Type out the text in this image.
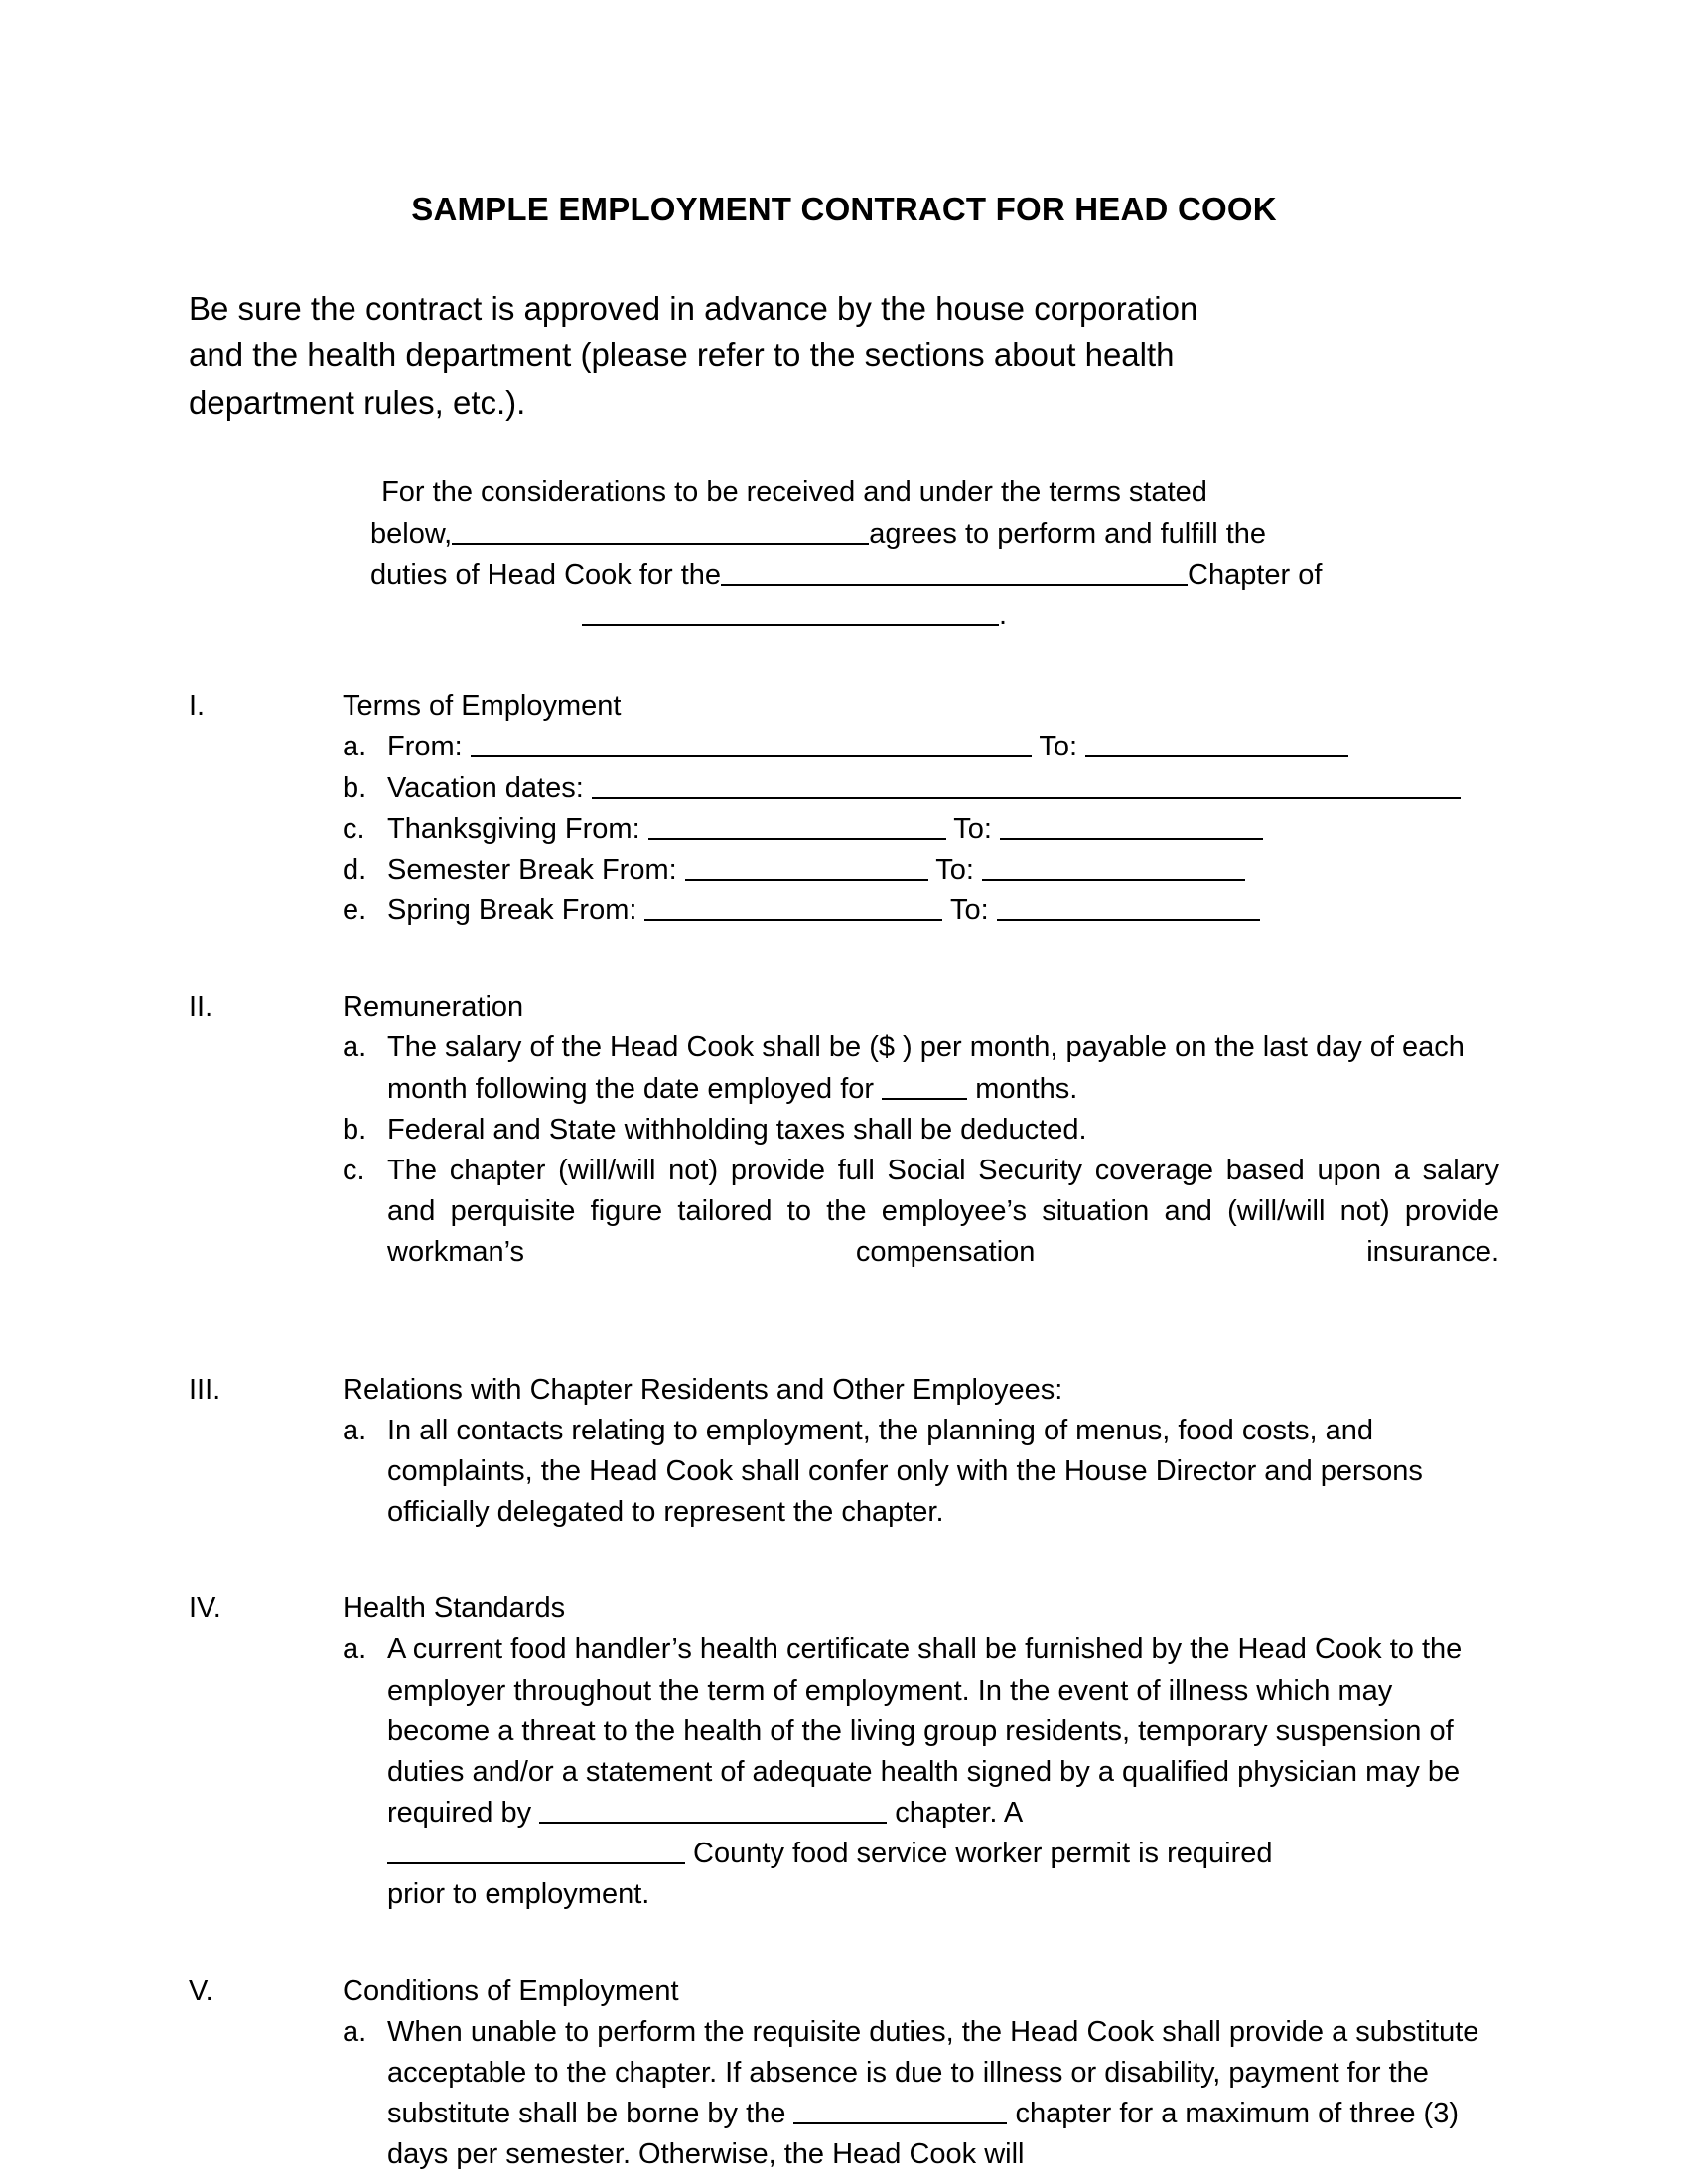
SAMPLE EMPLOYMENT CONTRACT FOR HEAD COOK

Be sure the contract is approved in advance by the house corporation
and the health department (please refer to the sections about health
department rules, etc.).

For the considerations to be received and under the terms stated
below,	agrees to perform and fulfill the
duties of Head Cook for the	Chapter of
.

I.	Terms of Employment
a. From:	To:
b. Vacation dates:
c. Thanksgiving From:	To:
d. Semester Break From:	To:
e. Spring Break From:	To:
II.	Remuneration
a. The salary of the Head Cook shall be ($ ) per month, payable on the last day of each month following the date employed for	months.
b. Federal and State withholding taxes shall be deducted.
c. The chapter (will/will not) provide full Social Security coverage based upon a salary and perquisite figure tailored to the employee’s situation and (will/will not) provide workman’s compensation insurance.
III.	Relations with Chapter Residents and Other Employees:
a. In all contacts relating to employment, the planning of menus, food costs, and complaints, the Head Cook shall confer only with the House Director and persons officially delegated to represent the chapter.
IV.	Health Standards
a. A current food handler’s health certificate shall be furnished by the Head Cook to the employer throughout the term of employment. In the event of illness which may become a threat to the health of the living group residents, temporary suspension of duties and/or a statement of adequate health signed by a qualified physician may be required by	chapter. A
County food service worker permit is required
prior to employment.
V.	Conditions of Employment
a. When unable to perform the requisite duties, the Head Cook shall provide a substitute acceptable to the chapter. If absence is due to illness or disability, payment for the substitute shall be borne by the	chapter for a maximum of three (3) days per semester. Otherwise, the Head Cook will
